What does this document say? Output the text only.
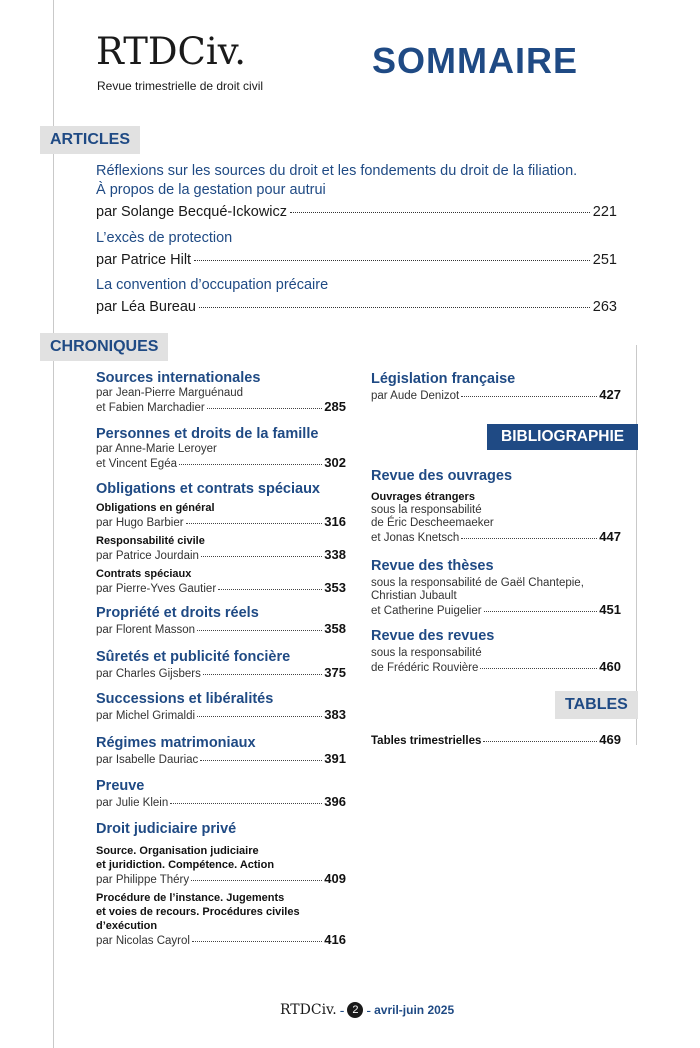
RTDCiv.
Revue trimestrielle de droit civil
SOMMAIRE
ARTICLES
Réflexions sur les sources du droit et les fondements du droit de la filiation.
À propos de la gestation pour autrui
par Solange Becqué-Ickowicz	221
L’excès de protection
par Patrice Hilt	251
La convention d’occupation précaire
par Léa Bureau	263
CHRONIQUES
Sources internationales
par Jean-Pierre Marguénaud
et Fabien Marchadier	285
Personnes et droits de la famille
par Anne-Marie Leroyer
et Vincent Egéa	302
Obligations et contrats spéciaux
Obligations en général
par Hugo Barbier	316
Responsabilité civile
par Patrice Jourdain	338
Contrats spéciaux
par Pierre-Yves Gautier	353
Propriété et droits réels
par Florent Masson	358
Sûretés et publicité foncière
par Charles Gijsbers	375
Successions et libéralités
par Michel Grimaldi	383
Régimes matrimoniaux
par Isabelle Dauriac	391
Preuve
par Julie Klein	396
Droit judiciaire privé
Source. Organisation judiciaire
et juridiction. Compétence. Action
par Philippe Théry	409
Procédure de l’instance. Jugements
et voies de recours. Procédures civiles
d’exécution
par Nicolas Cayrol	416
Législation française
par Aude Denizot	427
BIBLIOGRAPHIE
Revue des ouvrages
Ouvrages étrangers
sous la responsabilité
de Éric Descheemaeker
et Jonas Knetsch	447
Revue des thèses
sous la responsabilité de Gaël Chantepie,
Christian Jubault
et Catherine Puigelier	451
Revue des revues
sous la responsabilité
de Frédéric Rouvière	460
TABLES
Tables trimestrielles	469
RTDCiv. - 2 - avril-juin 2025
